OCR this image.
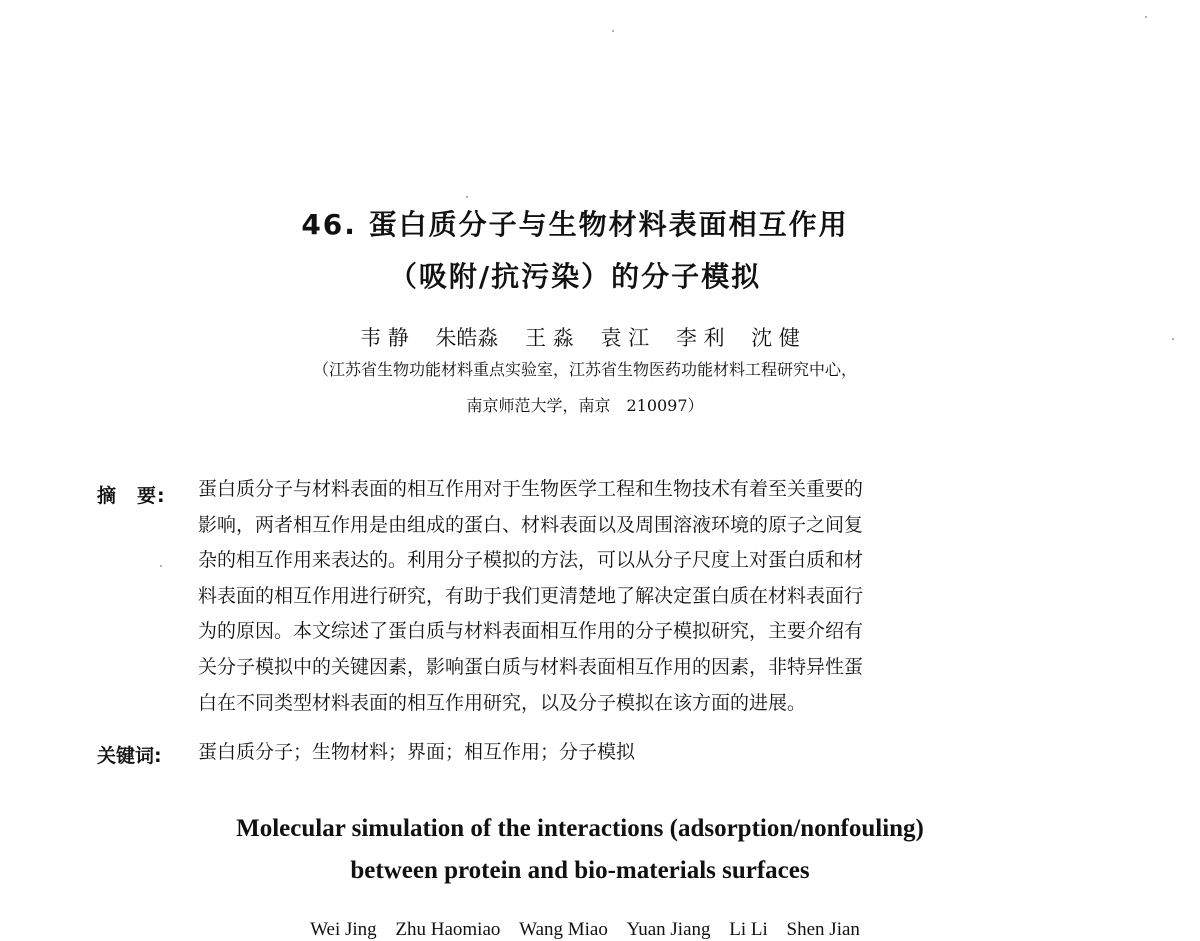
46. 蛋白质分子与生物材料表面相互作用
（吸附/抗污染）的分子模拟
韦 静 朱皓淼 王 淼 袁 江 李 利 沈 健
（江苏省生物功能材料重点实验室，江苏省生物医药功能材料工程研究中心，
南京师范大学，南京　210097）
摘　要: 蛋白质分子与材料表面的相互作用对于生物医学工程和生物技术有着至关重要的
影响，两者相互作用是由组成的蛋白、材料表面以及周围溶液环境的原子之间复
杂的相互作用来表达的。利用分子模拟的方法，可以从分子尺度上对蛋白质和材
料表面的相互作用进行研究，有助于我们更清楚地了解决定蛋白质在材料表面行
为的原因。本文综述了蛋白质与材料表面相互作用的分子模拟研究，主要介绍有
关分子模拟中的关键因素，影响蛋白质与材料表面相互作用的因素，非特异性蛋
白在不同类型材料表面的相互作用研究，以及分子模拟在该方面的进展。
关键词: 蛋白质分子；生物材料；界面；相互作用；分子模拟
Molecular simulation of the interactions (adsorption/nonfouling)
between protein and bio-materials surfaces
Wei Jing Zhu Haomiao Wang Miao Yuan Jiang Li Li Shen Jian
